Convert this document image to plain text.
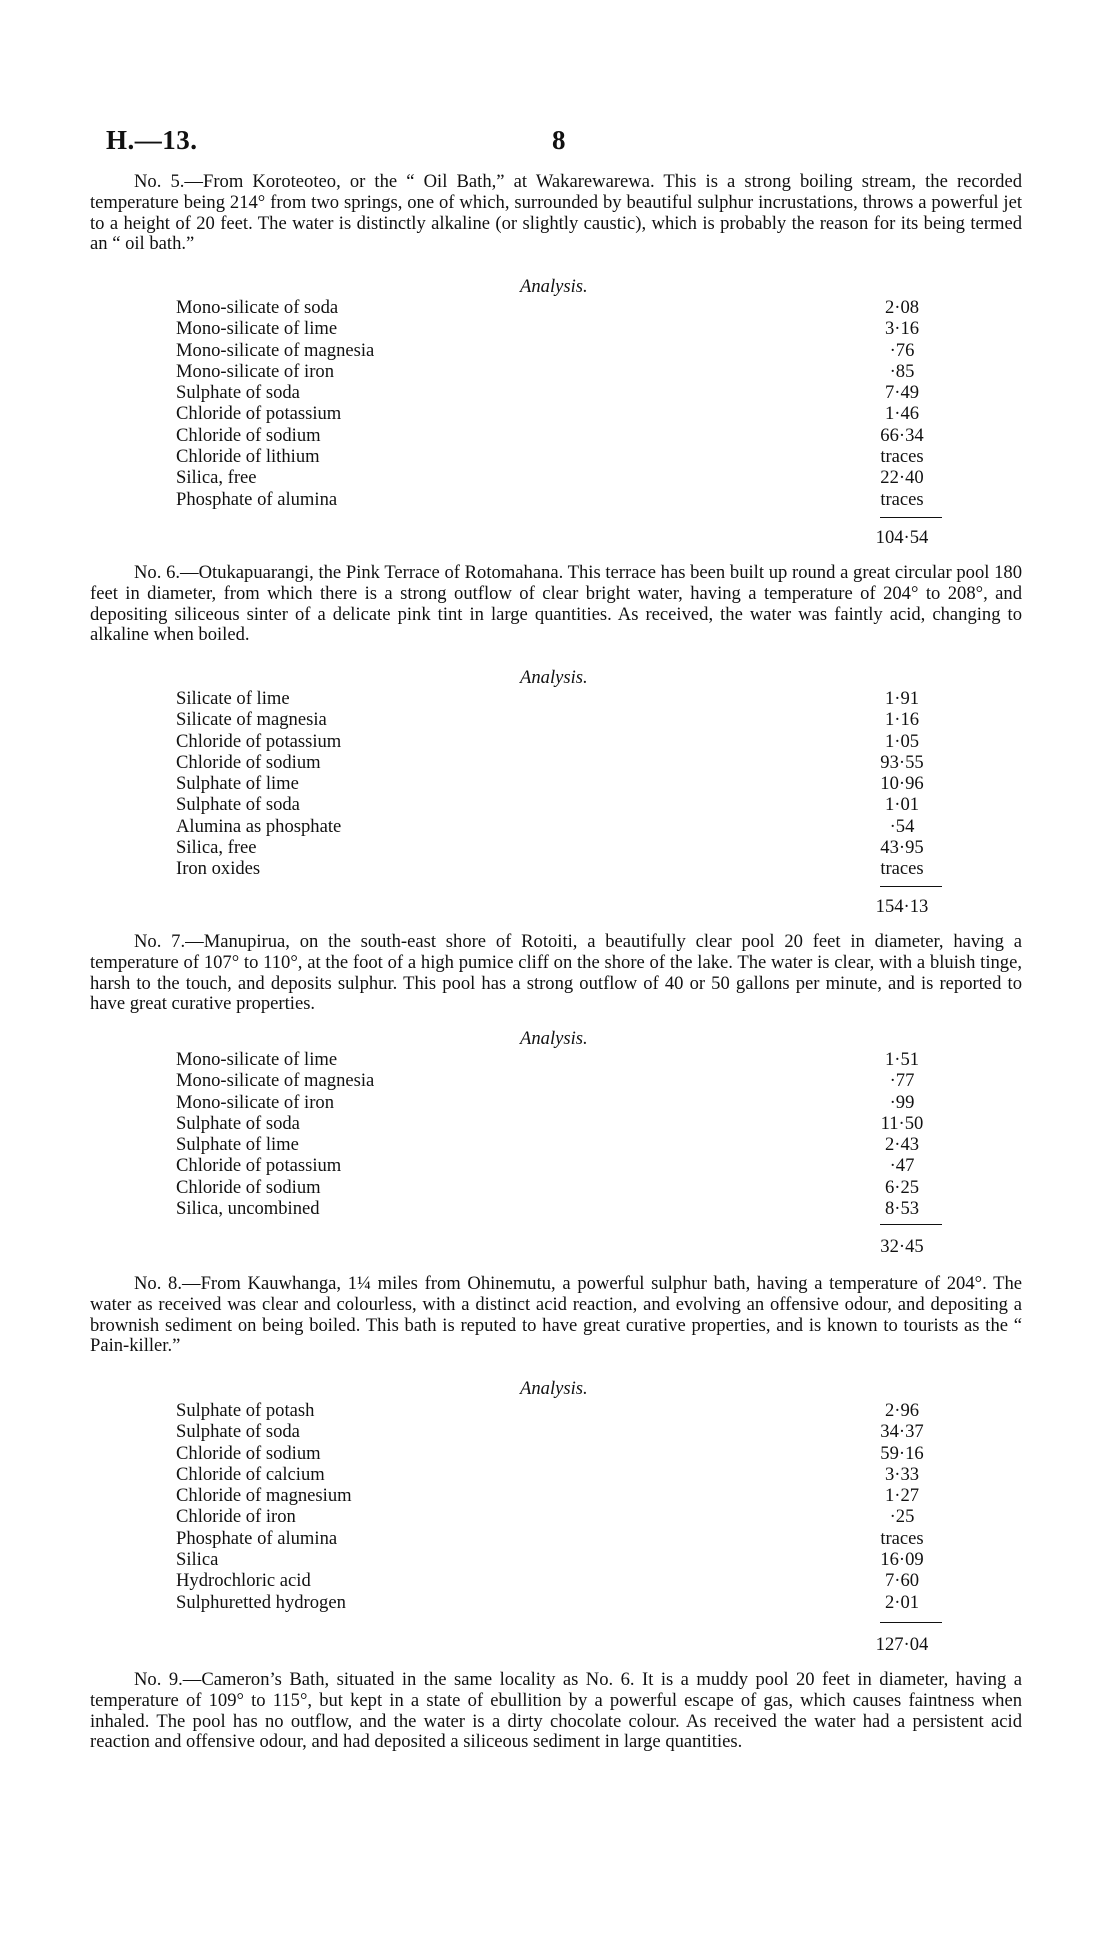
H.—13.	8
No. 5.—From Koroteoteo, or the “ Oil Bath,” at Wakarewarewa. This is a strong boiling stream, the recorded temperature being 214° from two springs, one of which, surrounded by beautiful sulphur incrustations, throws a powerful jet to a height of 20 feet. The water is distinctly alkaline (or slightly caustic), which is probably the reason for its being termed an “ oil bath.”
Analysis.
Mono-silicate of soda	2·08
Mono-silicate of lime	3·16
Mono-silicate of magnesia	·76
Mono-silicate of iron	·85
Sulphate of soda	7·49
Chloride of potassium	1·46
Chloride of sodium	66·34
Chloride of lithium	traces
Silica, free	22·40
Phosphate of alumina	traces
104·54
No. 6.—Otukapuarangi, the Pink Terrace of Rotomahana. This terrace has been built up round a great circular pool 180 feet in diameter, from which there is a strong outflow of clear bright water, having a temperature of 204° to 208°, and depositing siliceous sinter of a delicate pink tint in large quantities. As received, the water was faintly acid, changing to alkaline when boiled.
Analysis.
Silicate of lime	1·91
Silicate of magnesia	1·16
Chloride of potassium	1·05
Chloride of sodium	93·55
Sulphate of lime	10·96
Sulphate of soda	1·01
Alumina as phosphate	·54
Silica, free	43·95
Iron oxides	traces
154·13
No. 7.—Manupirua, on the south-east shore of Rotoiti, a beautifully clear pool 20 feet in diameter, having a temperature of 107° to 110°, at the foot of a high pumice cliff on the shore of the lake. The water is clear, with a bluish tinge, harsh to the touch, and deposits sulphur. This pool has a strong outflow of 40 or 50 gallons per minute, and is reported to have great curative properties.
Analysis.
Mono-silicate of lime	1·51
Mono-silicate of magnesia	·77
Mono-silicate of iron	·99
Sulphate of soda	11·50
Sulphate of lime	2·43
Chloride of potassium	·47
Chloride of sodium	6·25
Silica, uncombined	8·53
32·45
No. 8.—From Kauwhanga, 1¼ miles from Ohinemutu, a powerful sulphur bath, having a temperature of 204°. The water as received was clear and colourless, with a distinct acid reaction, and evolving an offensive odour, and depositing a brownish sediment on being boiled. This bath is reputed to have great curative properties, and is known to tourists as the “ Pain-killer.”
Analysis.
Sulphate of potash	2·96
Sulphate of soda	34·37
Chloride of sodium	59·16
Chloride of calcium	3·33
Chloride of magnesium	1·27
Chloride of iron	·25
Phosphate of alumina	traces
Silica	16·09
Hydrochloric acid	7·60
Sulphuretted hydrogen	2·01
127·04
No. 9.—Cameron’s Bath, situated in the same locality as No. 6. It is a muddy pool 20 feet in diameter, having a temperature of 109° to 115°, but kept in a state of ebullition by a powerful escape of gas, which causes faintness when inhaled. The pool has no outflow, and the water is a dirty chocolate colour. As received the water had a persistent acid reaction and offensive odour, and had deposited a siliceous sediment in large quantities.
